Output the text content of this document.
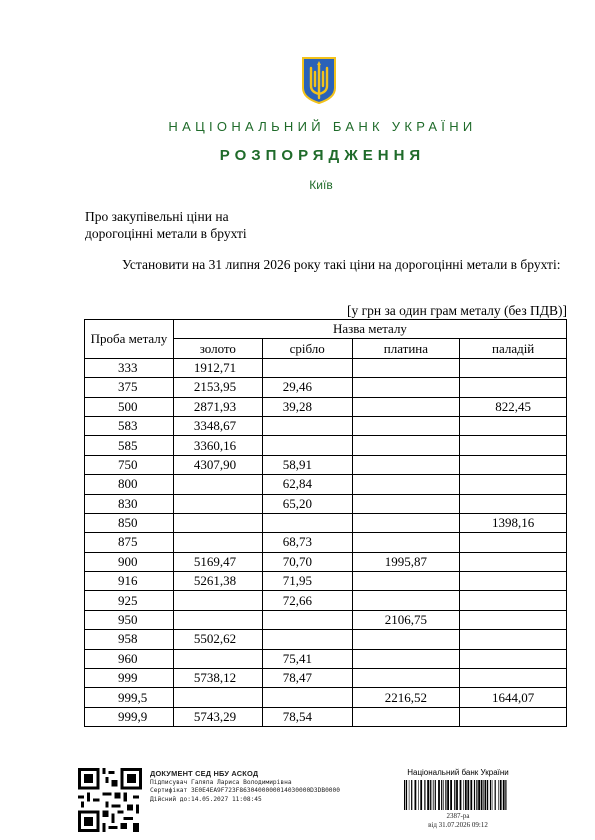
НАЦІОНАЛЬНИЙ БАНК УКРАЇНИ
РОЗПОРЯДЖЕННЯ
Київ
Про закупівельні ціни на
дорогоцінні метали в брухті
Установити на 31 липня 2026 року такі ціни на дорогоцінні метали в брухті:
[у грн за один грам металу (без ПДВ)]
Проба металу	Назва металу			
	золото	срібло	платина	паладій
333	1912,71			
375	2153,95	29,46		
500	2871,93	39,28		822,45
583	3348,67			
585	3360,16			
750	4307,90	58,91		
800		62,84		
830		65,20		
850				1398,16
875		68,73		
900	5169,47	70,70	1995,87	
916	5261,38	71,95		
925		72,66		
950			2106,75	
958	5502,62			
960		75,41		
999	5738,12	78,47		
999,5			2216,52	1644,07
999,9	5743,29	78,54		
ДОКУМЕНТ СЕД НБУ АСКОД
Підписувач Галяпа Лариса Володимирівна
Сертифікат 3E0E4EA9F723F8630400000014030000D3DB0000
Дійсний до:14.05.2027 11:08:45
Національний банк України
2387-ра
від 31.07.2026 09:12
